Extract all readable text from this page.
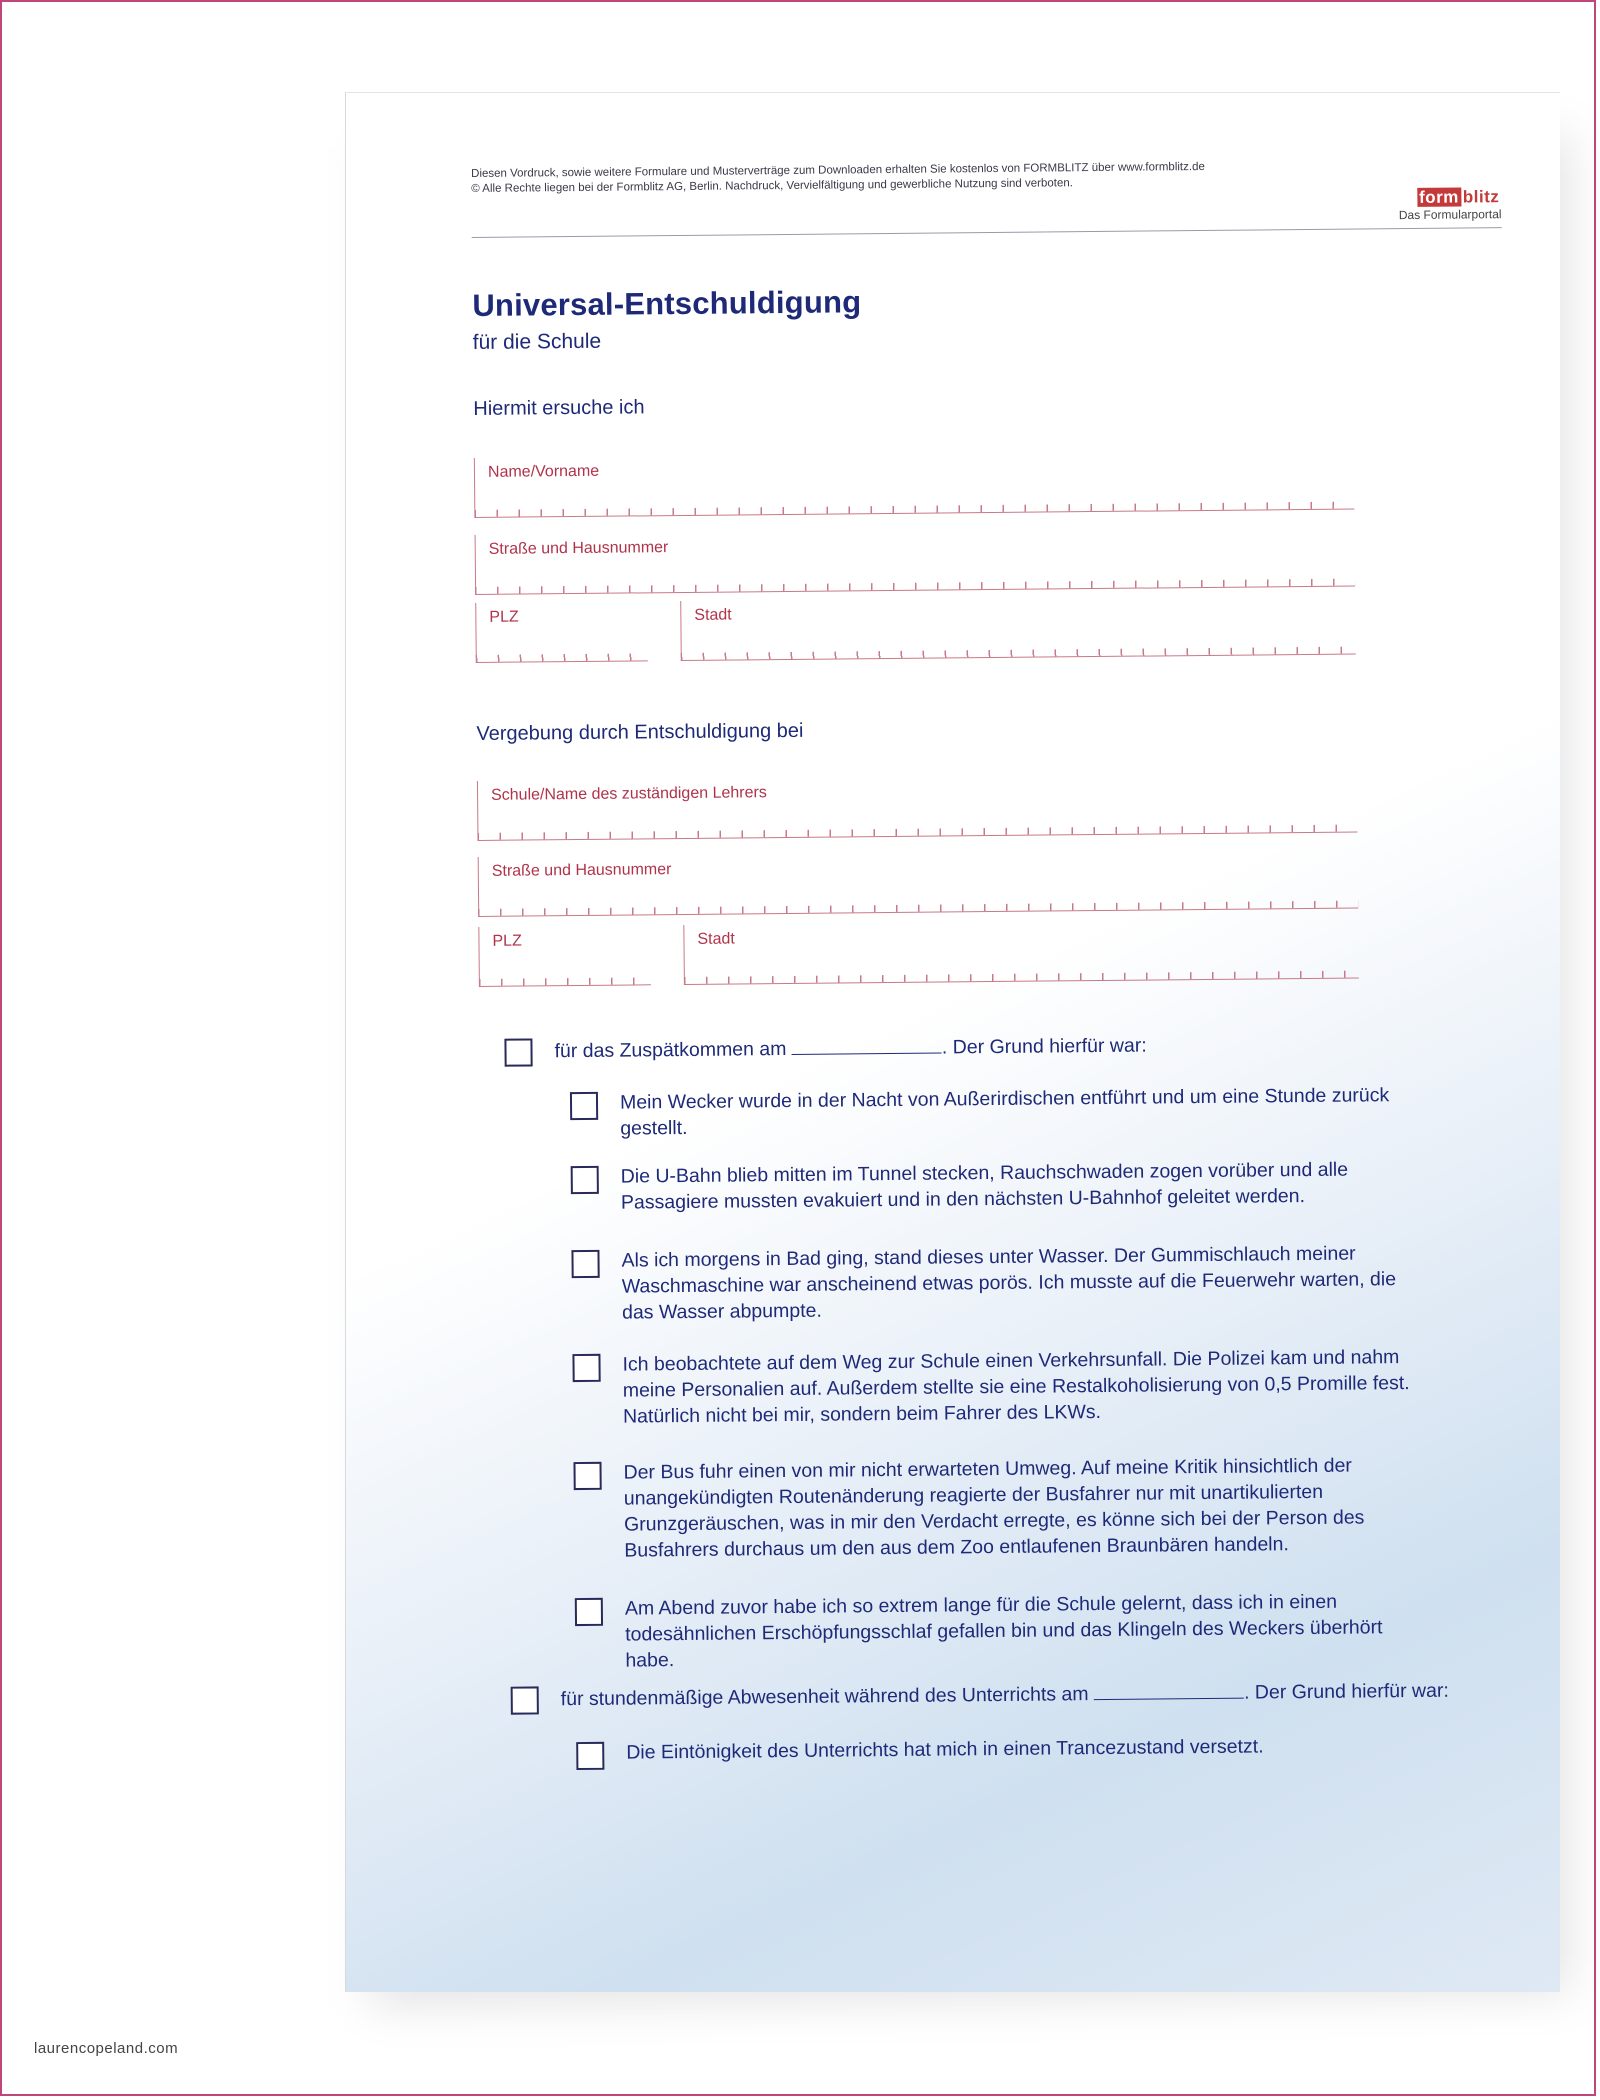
Diesen Vordruck, sowie weitere Formulare und Musterverträge zum Downloaden erhalten Sie kostenlos von FORMBLITZ über www.formblitz.de
© Alle Rechte liegen bei der Formblitz AG, Berlin. Nachdruck, Vervielfältigung und gewerbliche Nutzung sind verboten.
form blitz
Das Formularportal
Universal-Entschuldigung
für die Schule
Hiermit ersuche ich
Name/Vorname
Straße und Hausnummer
PLZ	Stadt
Vergebung durch Entschuldigung bei
Schule/Name des zuständigen Lehrers
Straße und Hausnummer
PLZ	Stadt
für das Zuspätkommen am	. Der Grund hierfür war:
Mein Wecker wurde in der Nacht von Außerirdischen entführt und um eine Stunde zurück gestellt.
Die U-Bahn blieb mitten im Tunnel stecken, Rauchschwaden zogen vorüber und alle Passagiere mussten evakuiert und in den nächsten U-Bahnhof geleitet werden.
Als ich morgens in Bad ging, stand dieses unter Wasser. Der Gummischlauch meiner Waschmaschine war anscheinend etwas porös. Ich musste auf die Feuerwehr warten, die das Wasser abpumpte.
Ich beobachtete auf dem Weg zur Schule einen Verkehrsunfall. Die Polizei kam und nahm meine Personalien auf. Außerdem stellte sie eine Restalkoholisierung von 0,5 Promille fest. Natürlich nicht bei mir, sondern beim Fahrer des LKWs.
Der Bus fuhr einen von mir nicht erwarteten Umweg. Auf meine Kritik hinsichtlich der unangekündigten Routenänderung reagierte der Busfahrer nur mit unartikulierten Grunzgeräuschen, was in mir den Verdacht erregte, es könne sich bei der Person des Busfahrers durchaus um den aus dem Zoo entlaufenen Braunbären handeln.
Am Abend zuvor habe ich so extrem lange für die Schule gelernt, dass ich in einen todesähnlichen Erschöpfungsschlaf gefallen bin und das Klingeln des Weckers überhört habe.
für stundenmäßige Abwesenheit während des Unterrichts am	. Der Grund hierfür war:
Die Eintönigkeit des Unterrichts hat mich in einen Trancezustand versetzt.
laurencopeland.com
